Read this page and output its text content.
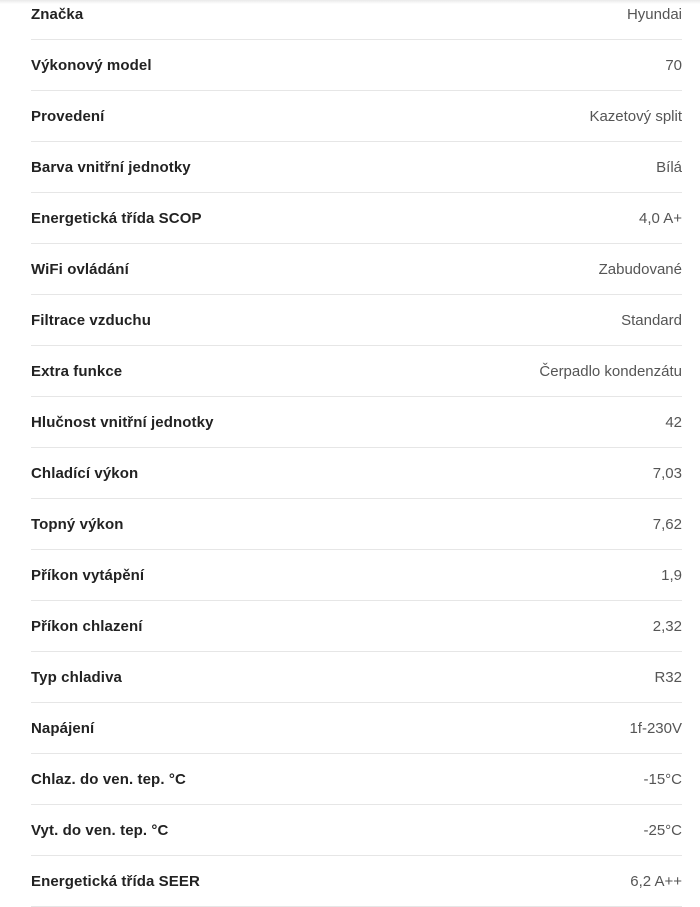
Značka	Hyundai
Výkonový model	70
Provedení	Kazetový split
Barva vnitřní jednotky	Bílá
Energetická třída SCOP	4,0 A+
WiFi ovládání	Zabudované
Filtrace vzduchu	Standard
Extra funkce	Čerpadlo kondenzátu
Hlučnost vnitřní jednotky	42
Chladící výkon	7,03
Topný výkon	7,62
Příkon vytápění	1,9
Příkon chlazení	2,32
Typ chladiva	R32
Napájení	1f-230V
Chlaz. do ven. tep. °C	-15°C
Vyt. do ven. tep. °C	-25°C
Energetická třída SEER	6,2 A++
